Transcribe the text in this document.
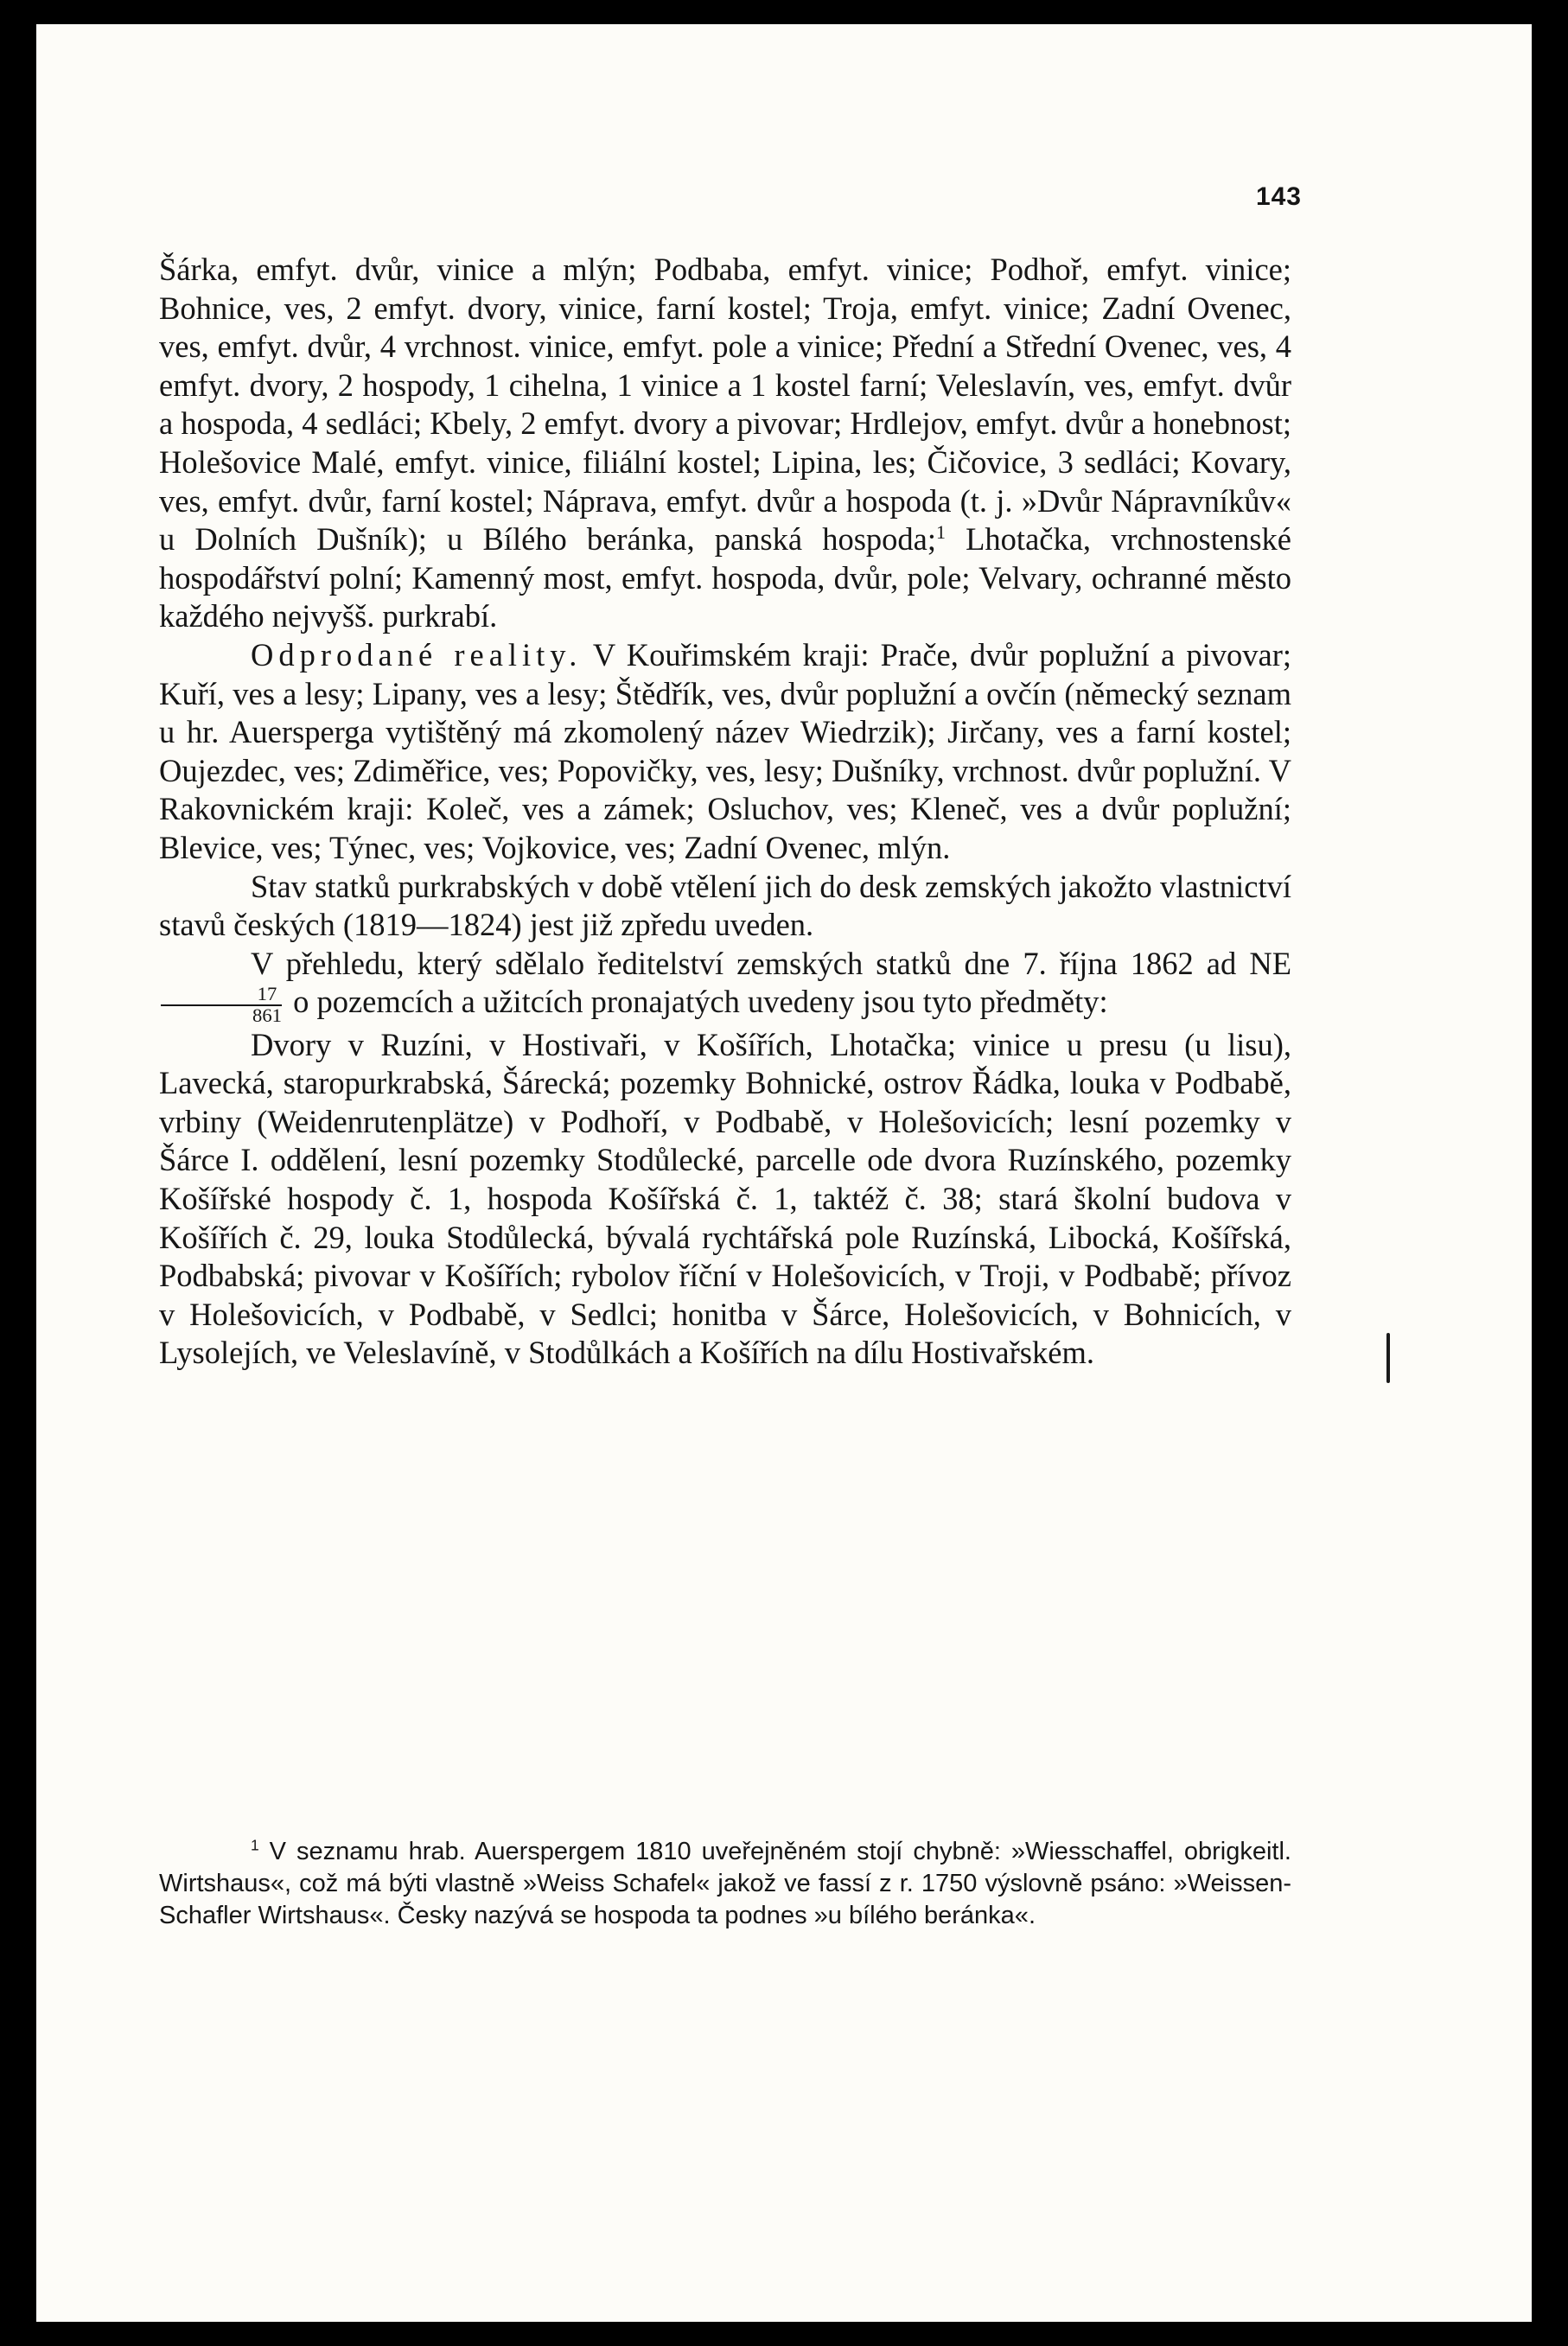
143

Šárka, emfyt. dvůr, vinice a mlýn; Podbaba, emfyt. vinice; Podhoř, emfyt. vinice; Bohnice, ves, 2 emfyt. dvory, vinice, farní kostel; Troja, emfyt. vinice; Zadní Ovenec, ves, emfyt. dvůr, 4 vrchnost. vinice, emfyt. pole a vinice; Přední a Střední Ovenec, ves, 4 emfyt. dvory, 2 hospody, 1 cihelna, 1 vinice a 1 kostel farní; Veleslavín, ves, emfyt. dvůr a hospoda, 4 sedláci; Kbely, 2 emfyt. dvory a pivovar; Hrdlejov, emfyt. dvůr a honebnost; Holešovice Malé, emfyt. vinice, filiální kostel; Lipina, les; Čičovice, 3 sedláci; Kovary, ves, emfyt. dvůr, farní kostel; Náprava, emfyt. dvůr a hospoda (t. j. »Dvůr Nápravníkův« u Dolních Dušník); u Bílého beránka, panská hospoda;$^1$ Lhotačka, vrchnostenské hospodářství polní; Kamenný most, emfyt. hospoda, dvůr, pole; Velvary, ochranné město každého nejvyšš. purkrabí.

Odprodané reality. V Kouřimském kraji: Prače, dvůr poplužní a pivovar; Kuří, ves a lesy; Lipany, ves a lesy; Štědřík, ves, dvůr poplužní a ovčín (německý seznam u hr. Auersperga vytištěný má zkomolený název Wiedrzik); Jirčany, ves a farní kostel; Oujezdec, ves; Zdiměřice, ves; Popovičky, ves, lesy; Dušníky, vrchnost. dvůr poplužní. V Rakovnickém kraji: Koleč, ves a zámek; Osluchov, ves; Kleneč, ves a dvůr poplužní; Blevice, ves; Týnec, ves; Vojkovice, ves; Zadní Ovenec, mlýn.

Stav statků purkrabských v době vtělení jich do desk zemských jakožto vlastnictví stavů českých (1819—1824) jest již zpředu uveden.

V přehledu, který sdělalo ředitelství zemských statků dne 7. října 1862 ad NE
$\frac{17}{861}$ o pozemcích a užitcích pronajatých uvedeny jsou tyto předměty:

Dvory v Ruzíni, v Hostivaři, v Košířích, Lhotačka; vinice u presu (u lisu), Lavecká, staropurkrabská, Šárecká; pozemky Bohnické, ostrov Řádka, louka v Podbabě, vrbiny (Weidenrutenplätze) v Podhoří, v Podbabě, v Holešovicích; lesní pozemky v Šárce I. oddělení, lesní pozemky Stodůlecké, parcelle ode dvora Ruzínského, pozemky Košířské hospody č. 1, hospoda Košířská č. 1, taktéž č. 38; stará školní budova v Košířích č. 29, louka Stodůlecká, bývalá rychtářská pole Ruzínská, Libocká, Košířská, Podbabská; pivovar v Košířích; rybolov říční v Holešovicích, v Troji, v Podbabě; přívoz v Holešovicích, v Podbabě, v Sedlci; honitba v Šárce, Holešovicích, v Bohnicích, v Lysolejích, ve Veleslavíně, v Stodůlkách a Košířích na dílu Hostivařském.

$^1$ V seznamu hrab. Auerspergem 1810 uveřejněném stojí chybně: »Wiesschaffel, obrigkeitl. Wirtshaus«, což má býti vlastně »Weiss Schafel« jakož ve fassí z r. 1750 výslovně psáno: »Weissen-Schafler Wirtshaus«. Česky nazývá se hospoda ta podnes »u bílého beránka«.
